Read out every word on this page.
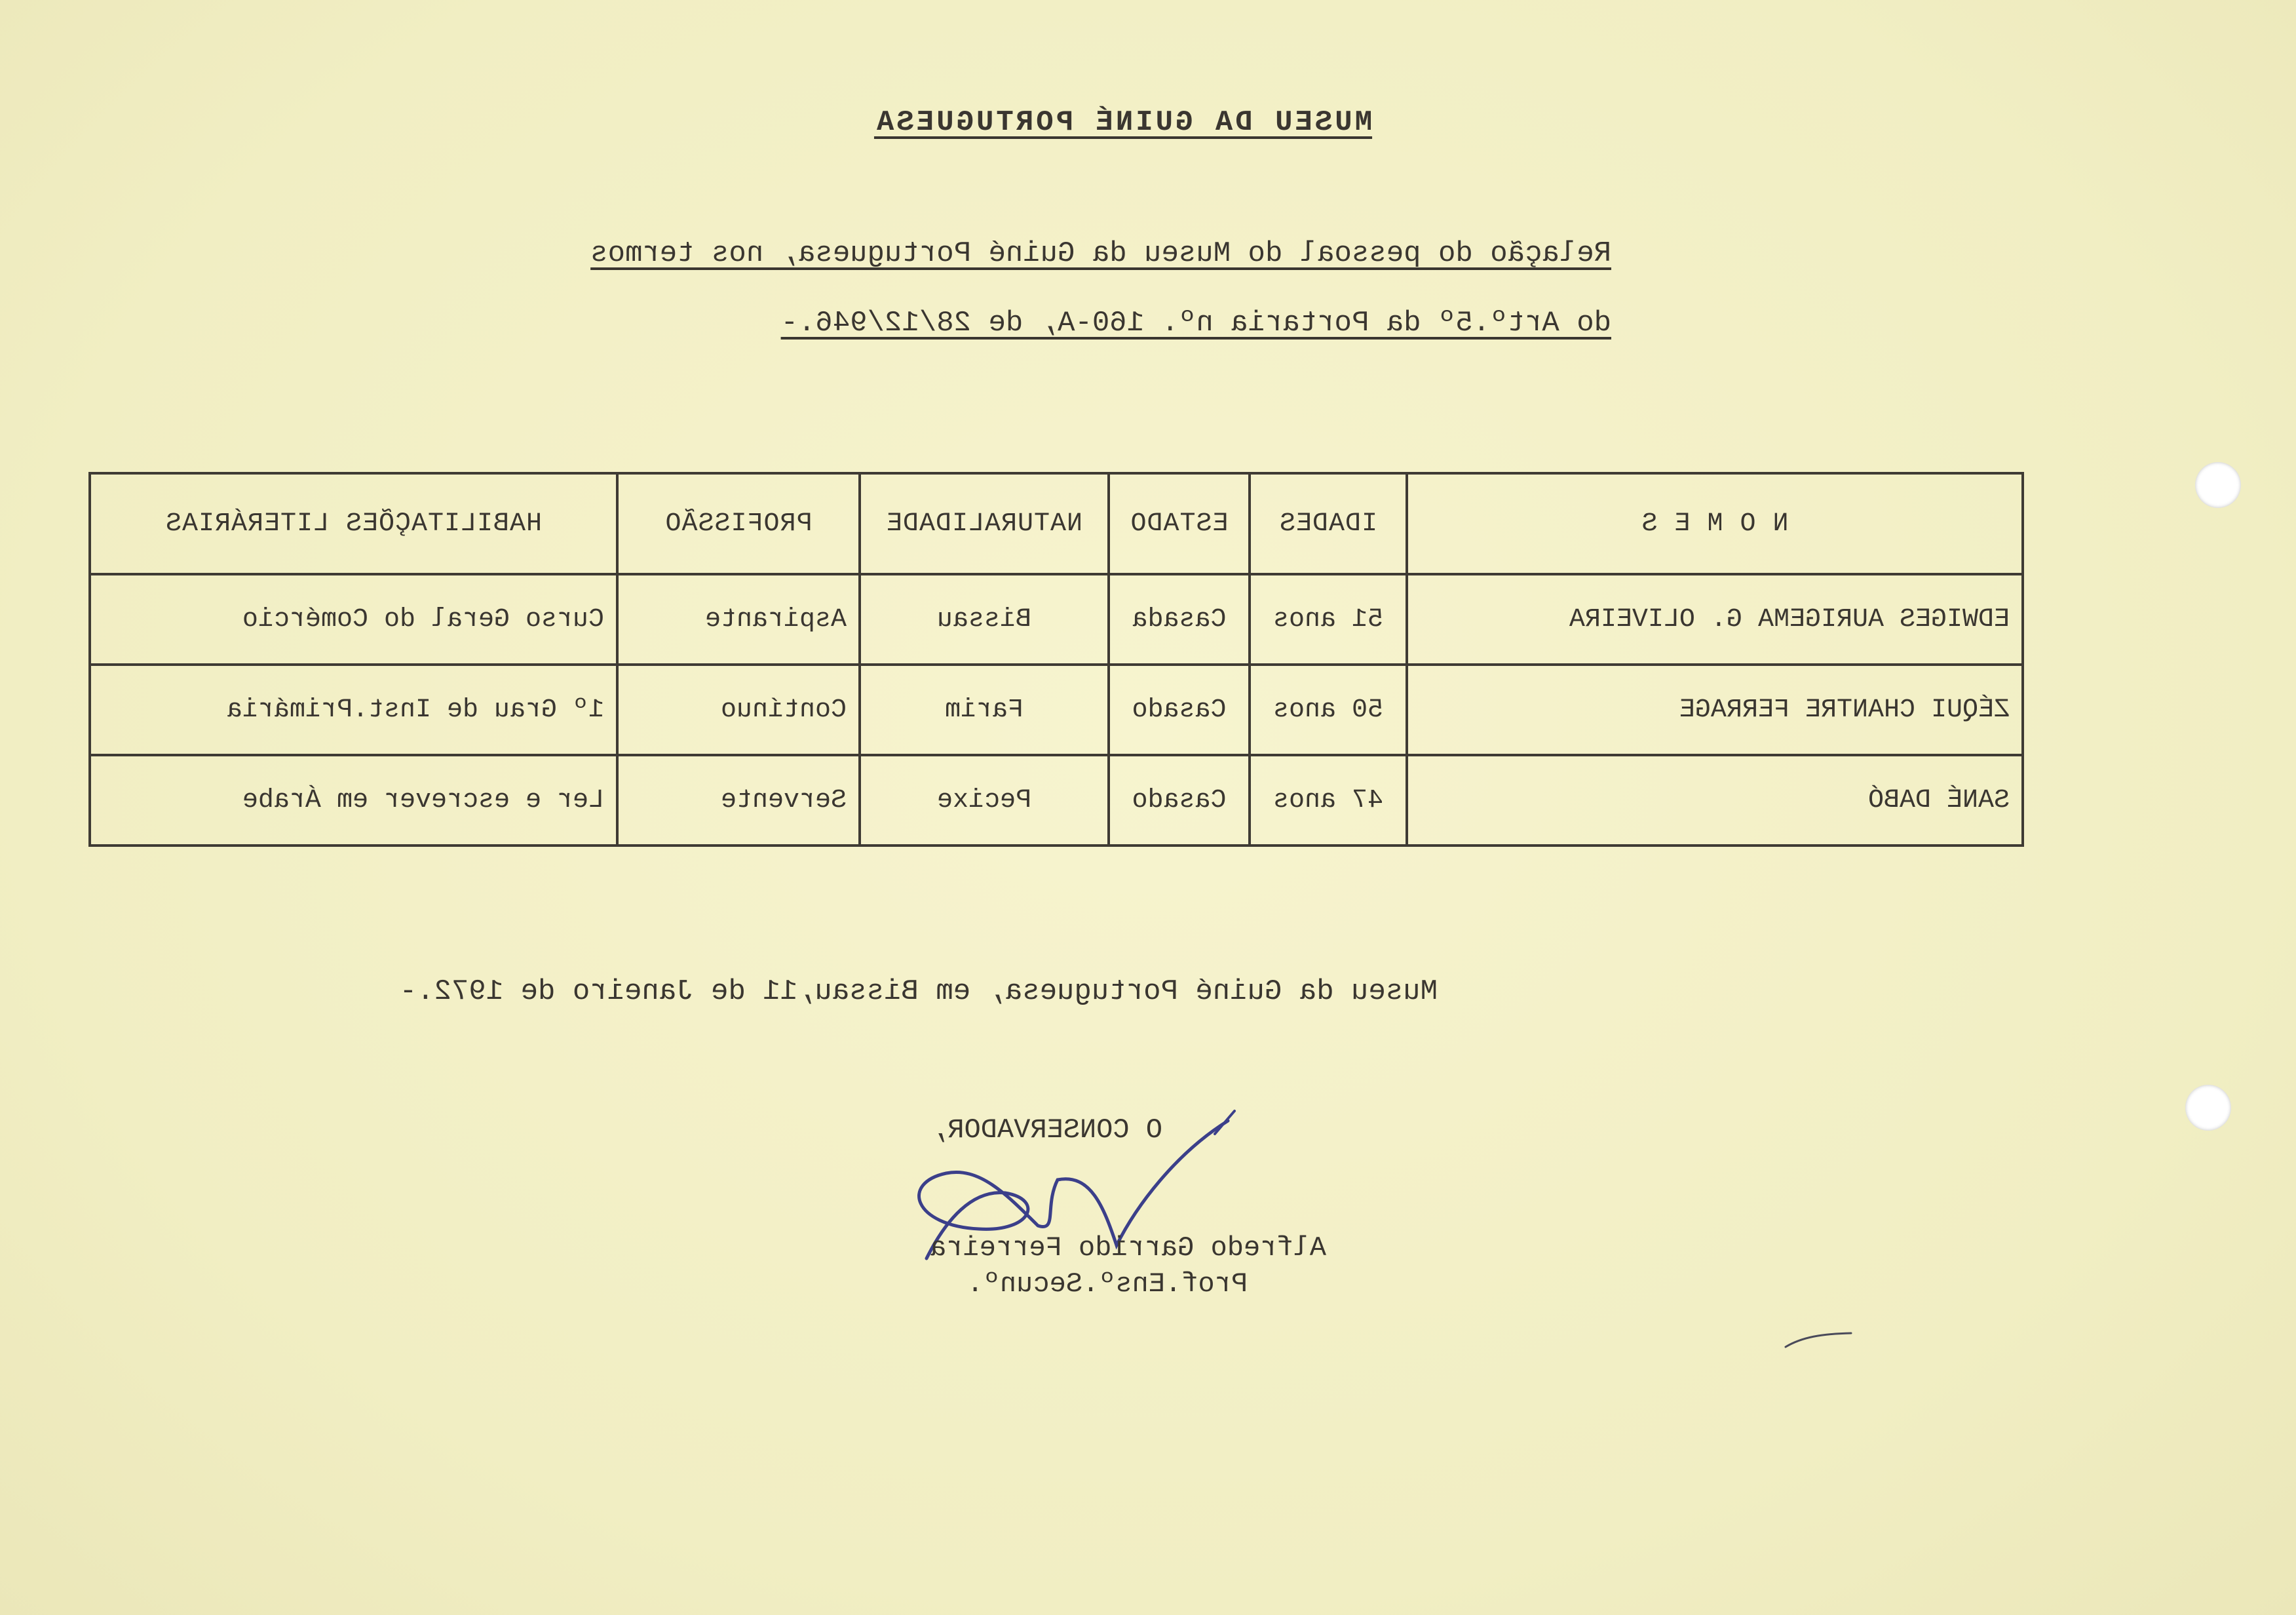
MUSEU DA GUINÉ PORTUGUESA
Relação do pessoal do Museu da Guiné Portuguesa, nos termos
do Artº.5º da Portaria nº. 160-A, de 28/12/946.-
N O M E S	IDADES	ESTADO	NATURALIDADE	PROFISSÃO	HABILITAÇÕES LITERÁRIAS
EDWIGES AURIGEMA G. OLIVEIRA	51 anos	Casada	Bissau	Aspirante	Curso Geral do Comércio
ZÉQUI CHANTRE FERRAGE	50 anos	Casado	Farim	Contínuo	1º Grau de Inst.Primária
SANÉ DABÓ	47 anos	Casado	Pecixe	Servente	Ler e escrever em Árabe
Museu da Guiné Portuguesa, em Bissau,11 de Janeiro de 1972.-
O CONSERVADOR,
Alfredo Garrido Ferreira
Prof.Ensº.Secunº.
